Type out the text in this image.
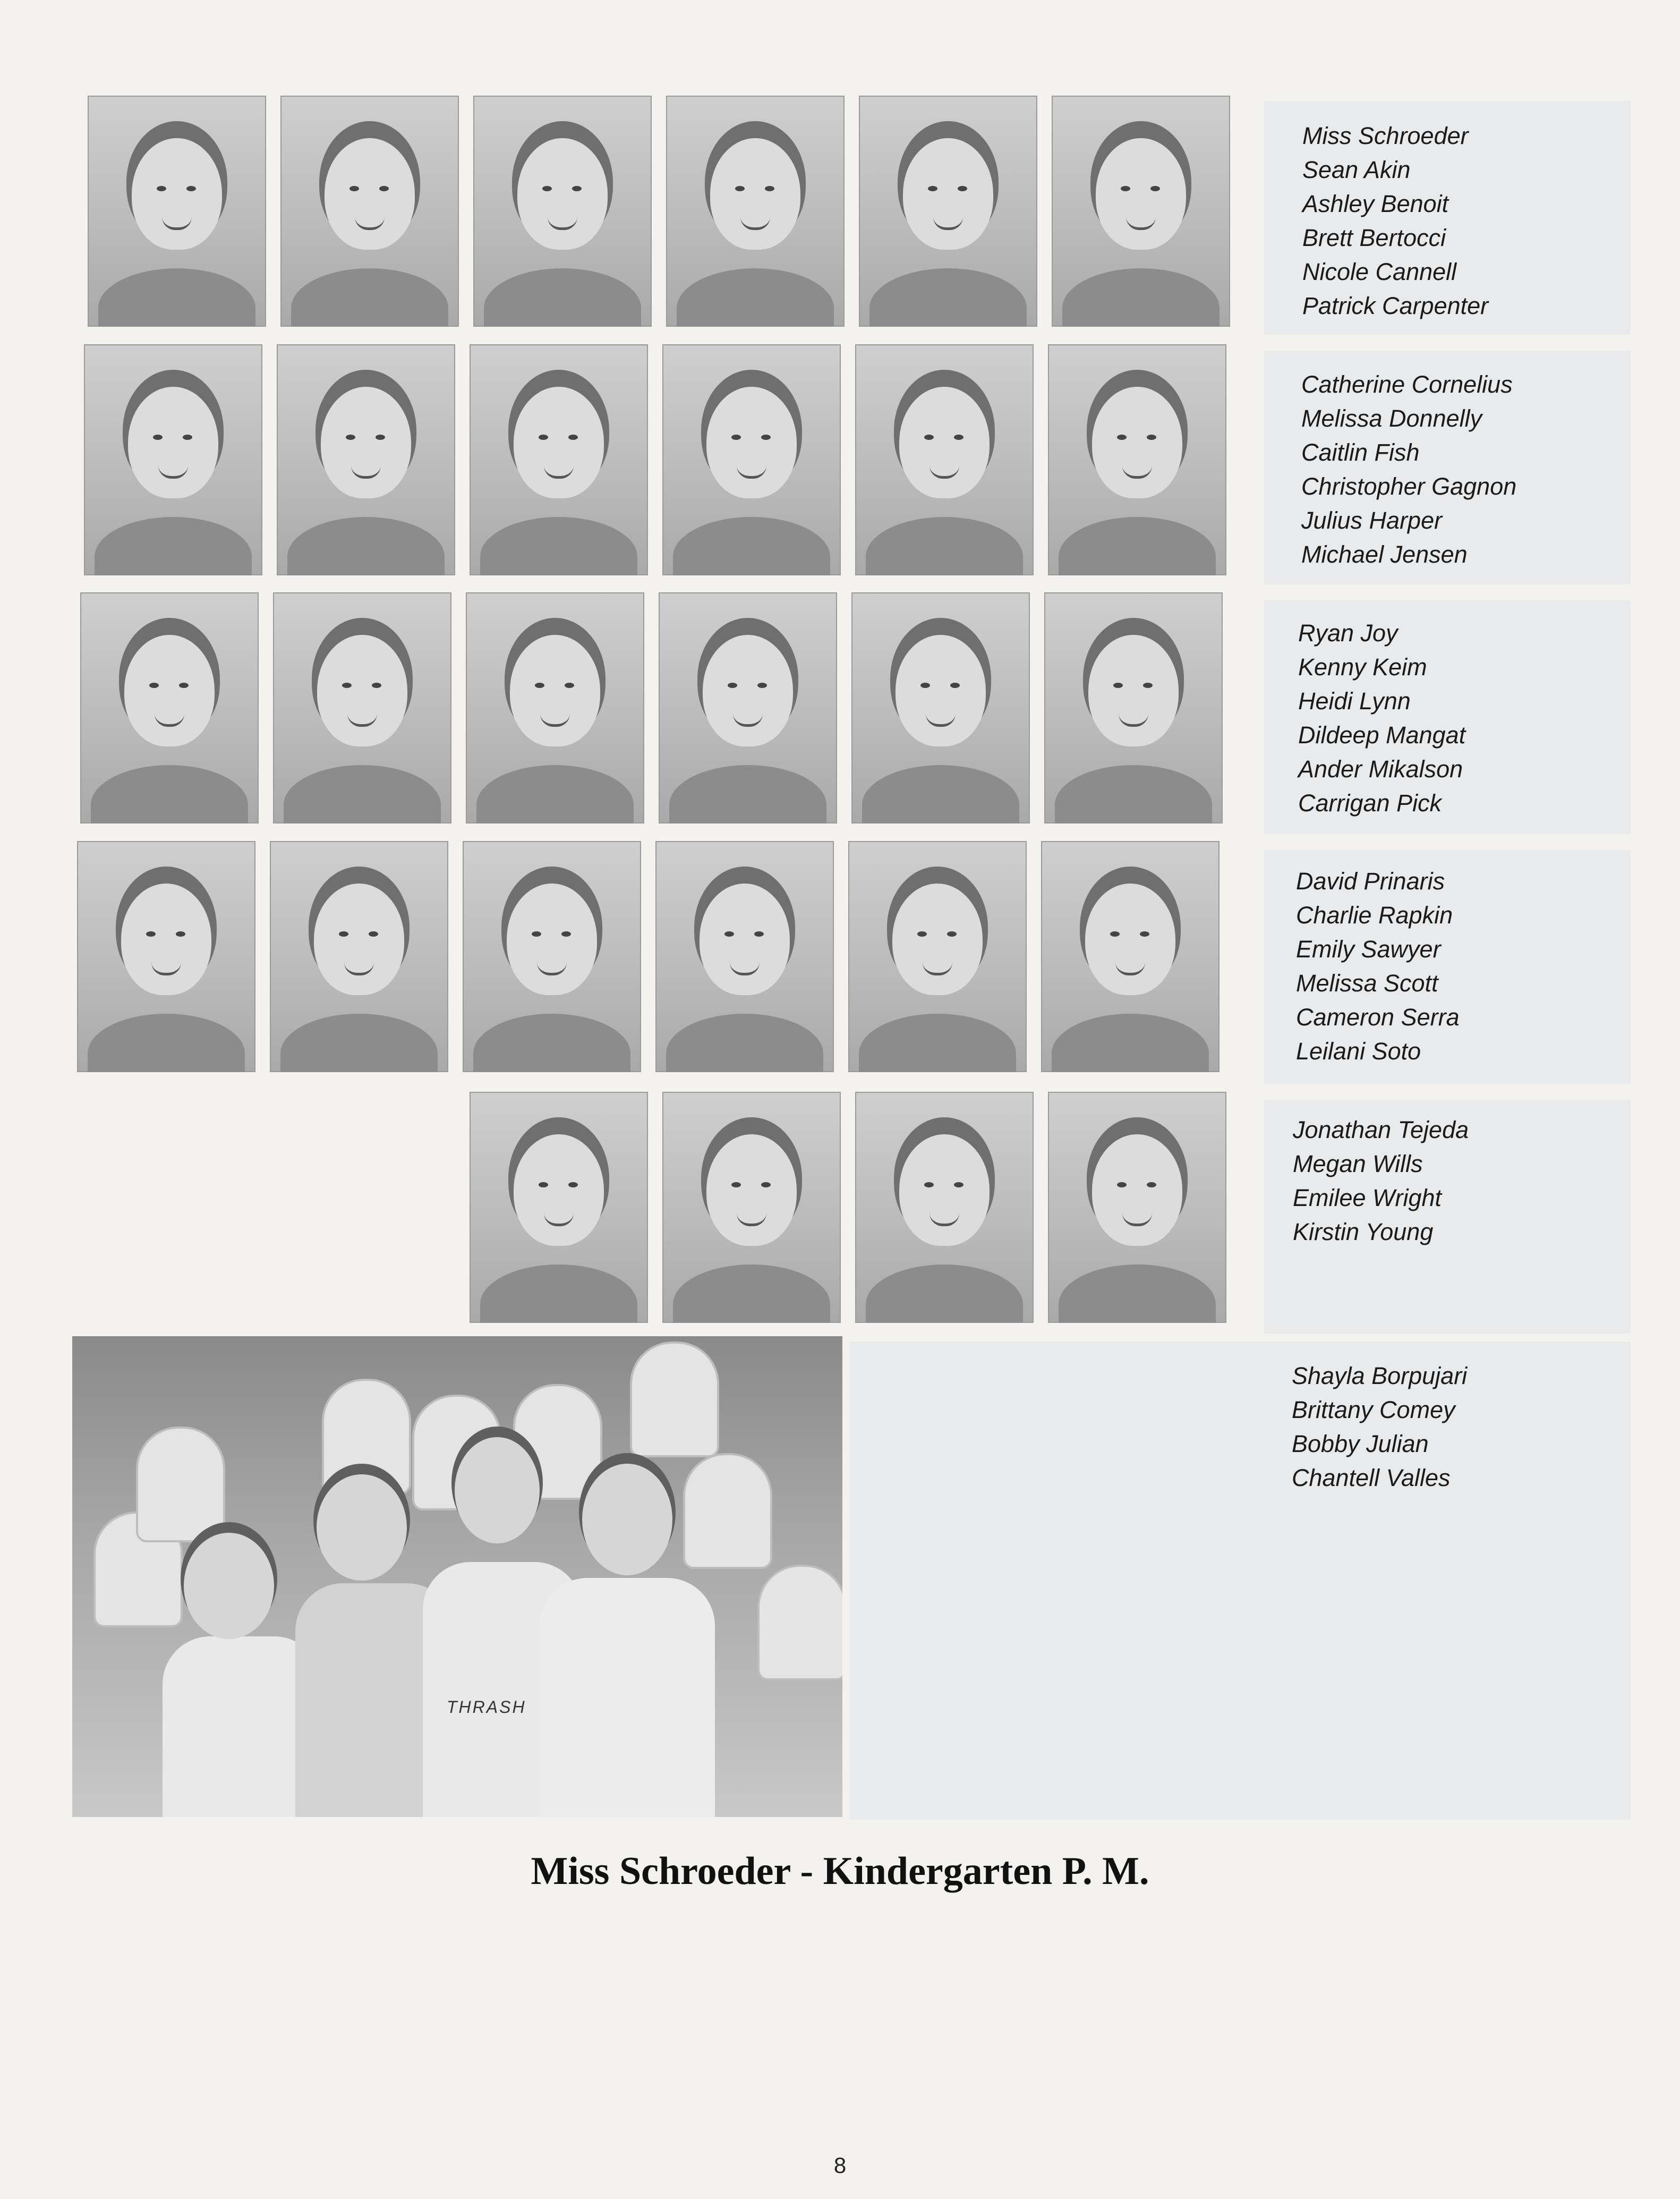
Miss Schroeder
Sean Akin
Ashley Benoit
Brett Bertocci
Nicole Cannell
Patrick Carpenter
Catherine Cornelius
Melissa Donnelly
Caitlin Fish
Christopher Gagnon
Julius Harper
Michael Jensen
Ryan Joy
Kenny Keim
Heidi Lynn
Dildeep Mangat
Ander Mikalson
Carrigan Pick
David Prinaris
Charlie Rapkin
Emily Sawyer
Melissa Scott
Cameron Serra
Leilani Soto
Jonathan Tejeda
Megan Wills
Emilee Wright
Kirstin Young
THRASH
Shayla Borpujari
Brittany Comey
Bobby Julian
Chantell Valles
Miss Schroeder - Kindergarten P. M.
8
